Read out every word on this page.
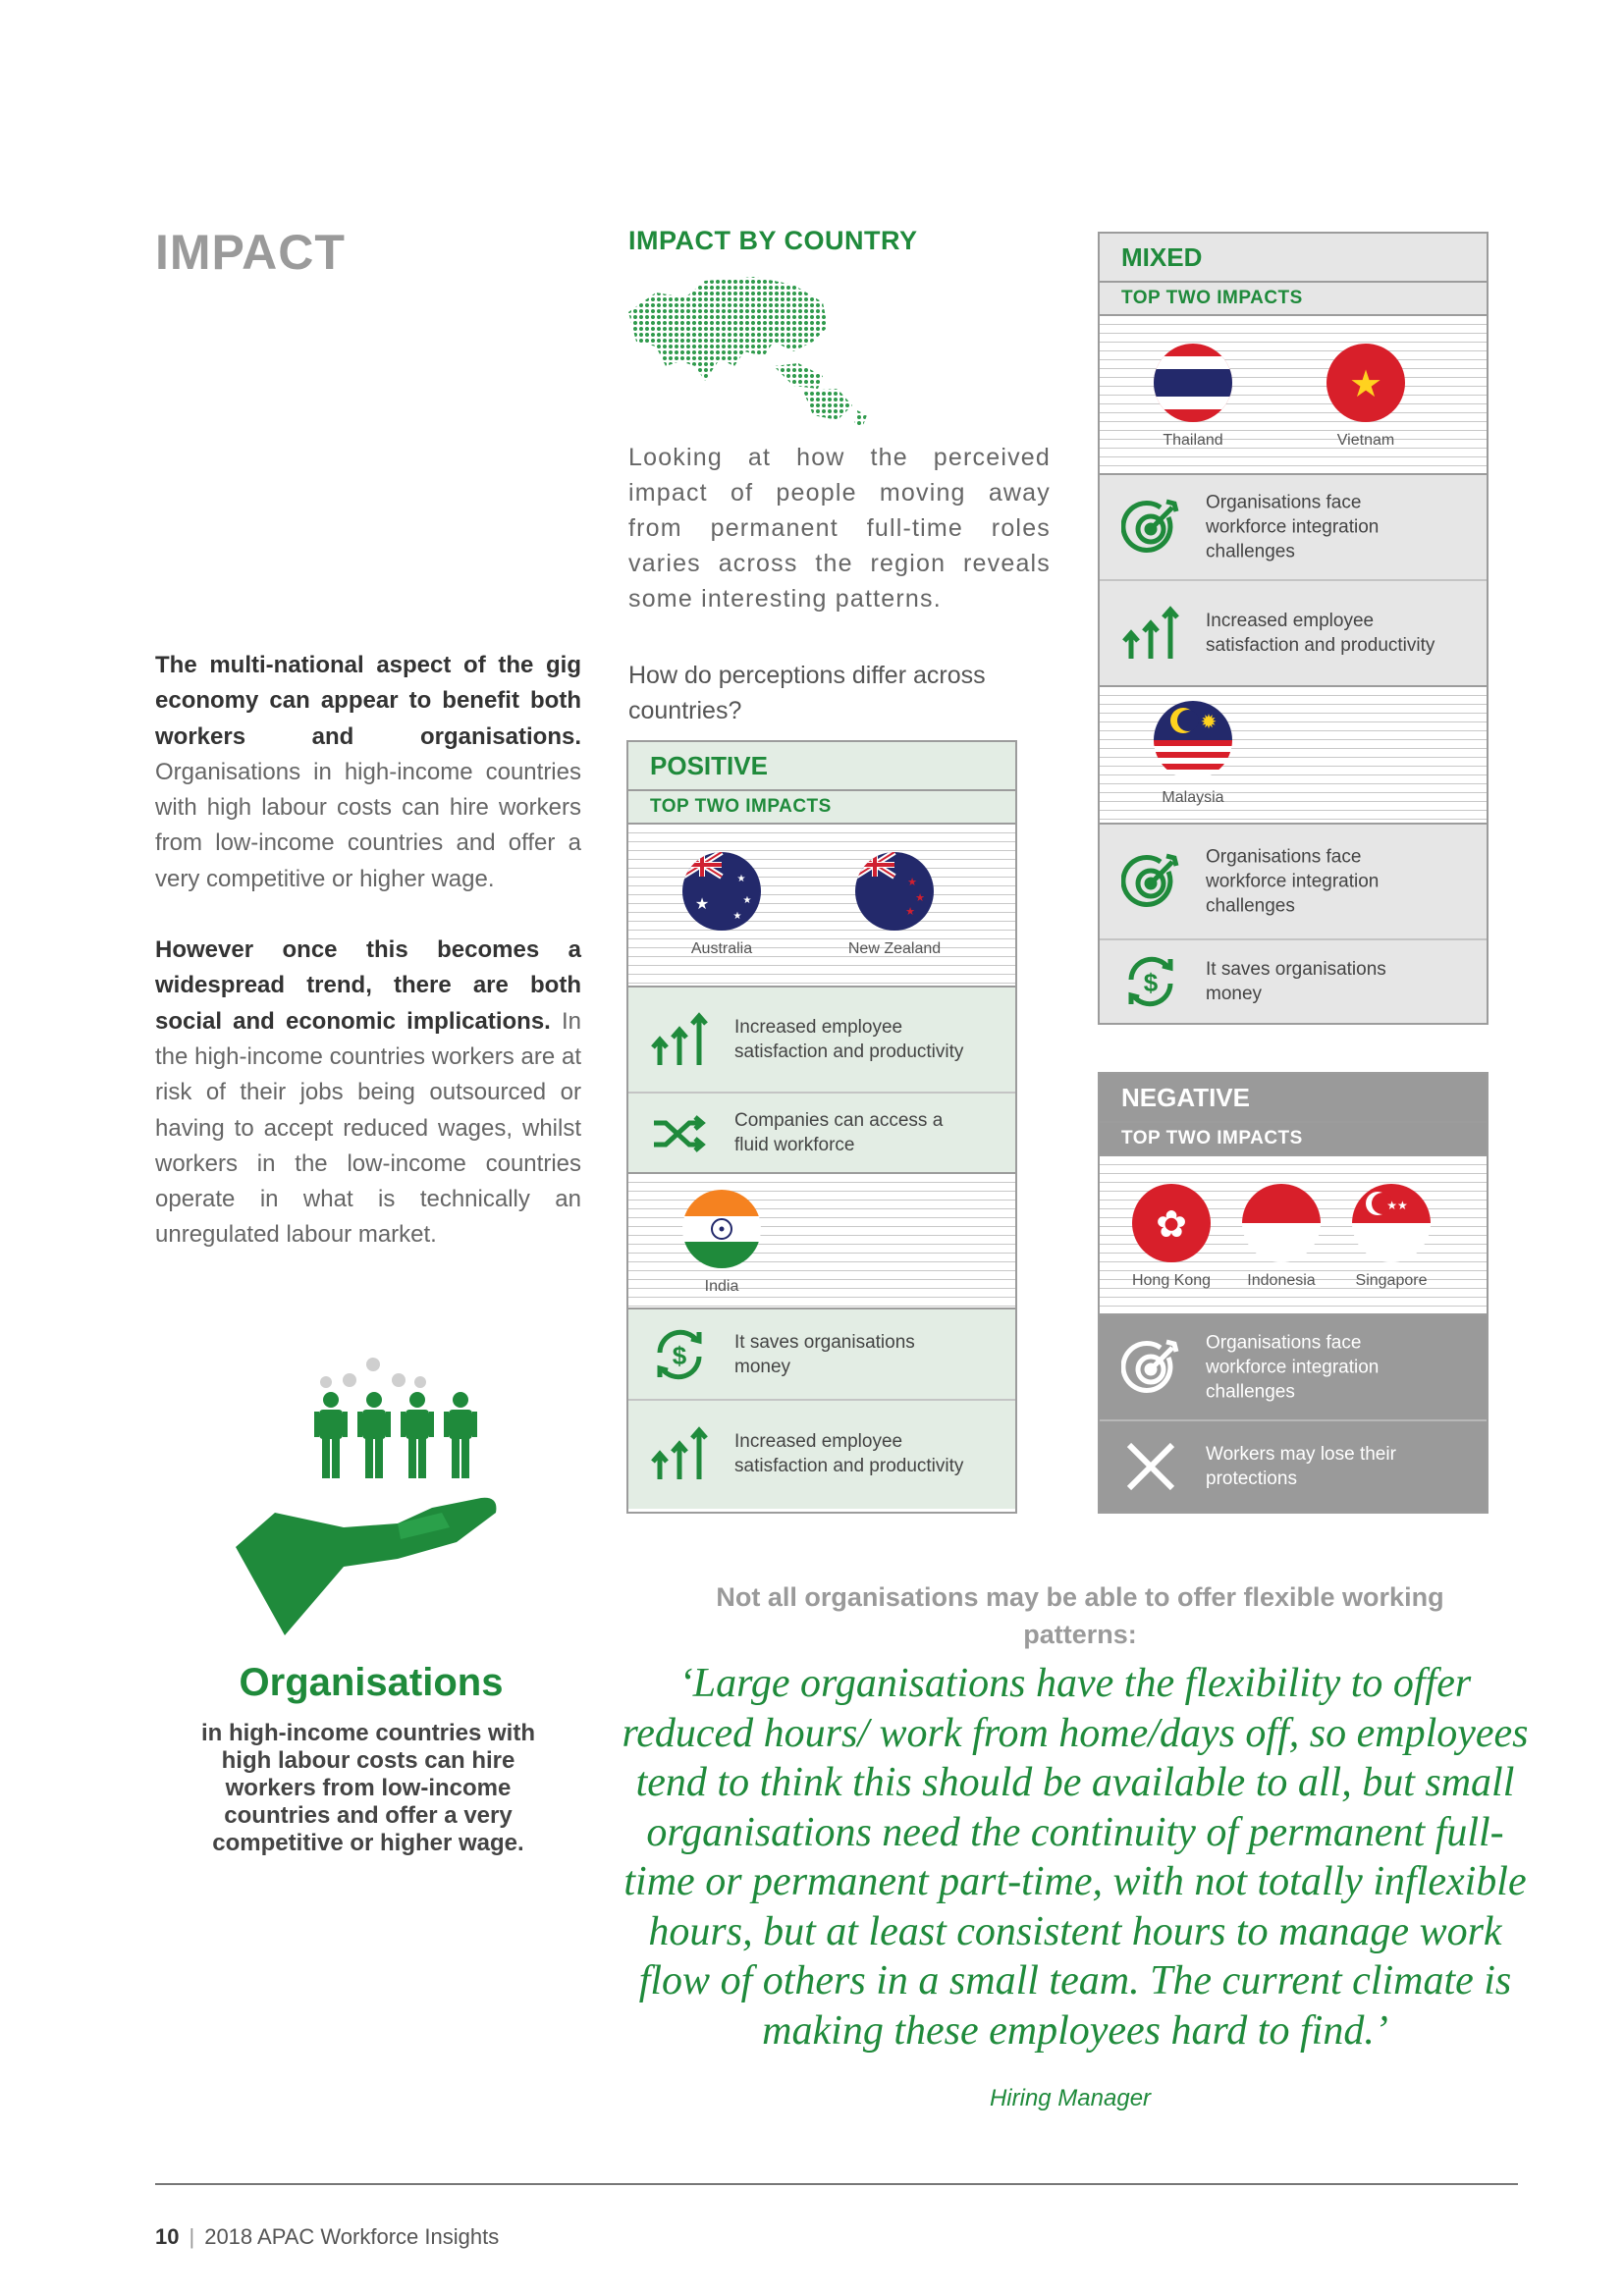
IMPACT

The multi-national aspect of the gig economy can appear to benefit both workers and organisations. Organisations in high-income countries with high labour costs can hire workers from low-income countries and offer a very competitive or higher wage.

However once this becomes a widespread trend, there are both social and economic implications. In the high-income countries workers are at risk of their jobs being outsourced or having to accept reduced wages, whilst workers in the low-income countries operate in what is technically an unregulated labour market.

Organisations
in high-income countries with high labour costs can hire workers from low-income countries and offer a very competitive or higher wage.
IMPACT BY COUNTRY
Looking at how the perceived impact of people moving away from permanent full-time roles varies across the region reveals some interesting patterns.
How do perceptions differ across countries?
POSITIVE
TOP TWO IMPACTS
★
★
★
★
Australia
★
★
★
New Zealand
Increased employee satisfaction and productivity
Companies can access a fluid workforce
India
$	It saves organisations money
Increased employee satisfaction and productivity
MIXED
TOP TWO IMPACTS
Thailand
★
Vietnam
Organisations face workforce integration challenges
Increased employee satisfaction and productivity
✹
Malaysia
Organisations face workforce integration challenges
$	It saves organisations money
NEGATIVE
TOP TWO IMPACTS
✿
Hong Kong	Indonesia
★★
Singapore
Organisations face workforce integration challenges
Workers may lose their protections
Not all organisations may be able to offer flexible working patterns:
‘Large organisations have the flexibility to offer reduced hours/ work from home/days off, so employees tend to think this should be available to all, but small organisations need the continuity of permanent full-time or permanent part-time, with not totally inflexible hours, but at least consistent hours to manage work flow of others in a small team. The current climate is making these employees hard to find.’
Hiring Manager
10 | 2018 APAC Workforce Insights
